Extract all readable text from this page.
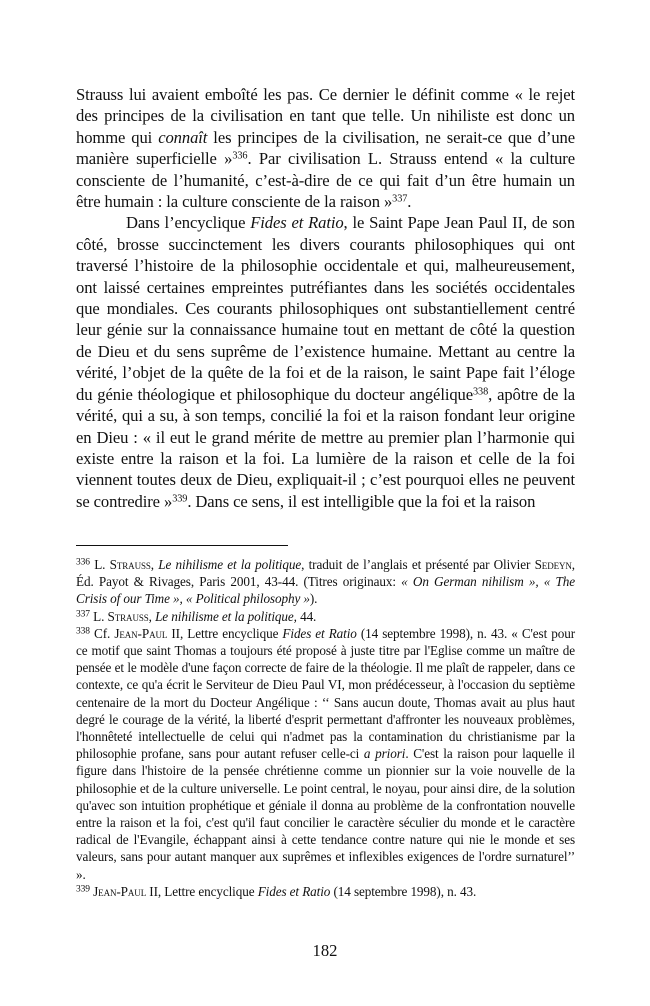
Strauss lui avaient emboîté les pas. Ce dernier le définit comme « le rejet des principes de la civilisation en tant que telle. Un nihiliste est donc un homme qui connaît les principes de la civilisation, ne serait-ce que d’une manière superficielle »$^{336}$. Par civilisation L. Strauss entend « la culture consciente de l’humanité, c’est-à-dire de ce qui fait d’un être humain un être humain : la culture consciente de la raison »$^{337}$.

Dans l’encyclique Fides et Ratio, le Saint Pape Jean Paul II, de son côté, brosse succinctement les divers courants philosophiques qui ont traversé l’histoire de la philosophie occidentale et qui, malheureusement, ont laissé certaines empreintes putréfiantes dans les sociétés occidentales que mondiales. Ces courants philosophiques ont substantiellement centré leur génie sur la connaissance humaine tout en mettant de côté la question de Dieu et du sens suprême de l’existence humaine. Mettant au centre la vérité, l’objet de la quête de la foi et de la raison, le saint Pape fait l’éloge du génie théologique et philosophique du docteur angélique$^{338}$, apôtre de la vérité, qui a su, à son temps, concilié la foi et la raison fondant leur origine en Dieu : « il eut le grand mérite de mettre au premier plan l’harmonie qui existe entre la raison et la foi. La lumière de la raison et celle de la foi viennent toutes deux de Dieu, expliquait-il ; c’est pourquoi elles ne peuvent se contredire »$^{339}$. Dans ce sens, il est intelligible que la foi et la raison

$^{336}$ L. Strauss, Le nihilisme et la politique, traduit de l’anglais et présenté par Olivier Sedeyn, Éd. Payot & Rivages, Paris 2001, 43-44. (Titres originaux: « On German nihilism », « The Crisis of our Time », « Political philosophy »).

$^{337}$ L. Strauss, Le nihilisme et la politique, 44.

$^{338}$ Cf. Jean-Paul II, Lettre encyclique Fides et Ratio (14 septembre 1998), n. 43. « C'est pour ce motif que saint Thomas a toujours été proposé à juste titre par l'Eglise comme un maître de pensée et le modèle d'une façon correcte de faire de la théologie. Il me plaît de rappeler, dans ce contexte, ce qu'a écrit le Serviteur de Dieu Paul VI, mon prédécesseur, à l'occasion du septième centenaire de la mort du Docteur Angélique : ‘‘ Sans aucun doute, Thomas avait au plus haut degré le courage de la vérité, la liberté d'esprit permettant d'affronter les nouveaux problèmes, l'honnêteté intellectuelle de celui qui n'admet pas la contamination du christianisme par la philosophie profane, sans pour autant refuser celle-ci a priori. C'est la raison pour laquelle il figure dans l'histoire de la pensée chrétienne comme un pionnier sur la voie nouvelle de la philosophie et de la culture universelle. Le point central, le noyau, pour ainsi dire, de la solution qu'avec son intuition prophétique et géniale il donna au problème de la confrontation nouvelle entre la raison et la foi, c'est qu'il faut concilier le caractère séculier du monde et le caractère radical de l'Evangile, échappant ainsi à cette tendance contre nature qui nie le monde et ses valeurs, sans pour autant manquer aux suprêmes et inflexibles exigences de l'ordre surnaturel’’ ».

$^{339}$ Jean-Paul II, Lettre encyclique Fides et Ratio (14 septembre 1998), n. 43.

182
